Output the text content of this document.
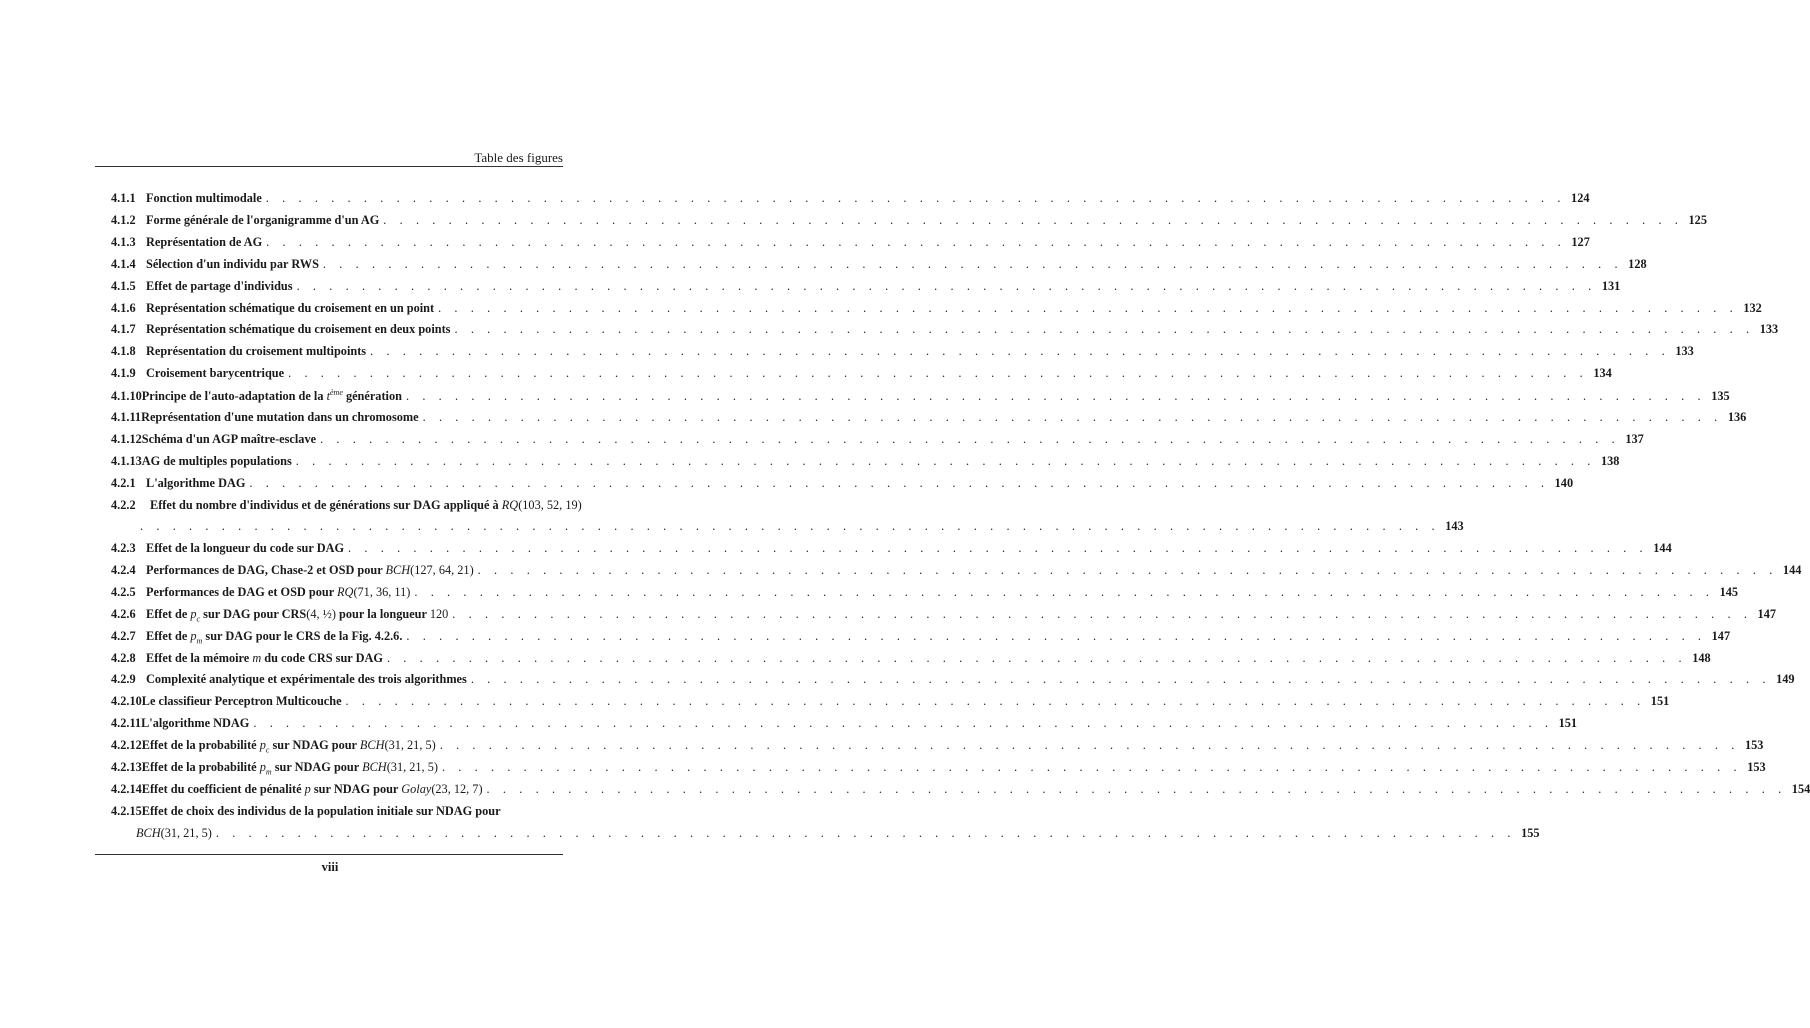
Table des figures
4.1.1 Fonction multimodale . . . . . . . . . . . . . . . . . . . . . . . . . . . . . . . . . . . . . . . . . . . . . . . . . . . . . . . . . . . . . . . . . . . . . . . . . . . . . . . . 124
4.1.2 Forme générale de l'organigramme d'un AG . . . . . . . . . . . . . . . . . . . . . . . . . . . . . . . . . . . . . . . . . . . . . . . . . . . . . . . . . . . . . . . . . . . . . . . . . . . . . . . . 125
4.1.3 Représentation de AG . . . . . . . . . . . . . . . . . . . . . . . . . . . . . . . . . . . . . . . . . . . . . . . . . . . . . . . . . . . . . . . . . . . . . . . . . . . . . . . . 127
4.1.4 Sélection d'un individu par RWS . . . . . . . . . . . . . . . . . . . . . . . . . . . . . . . . . . . . . . . . . . . . . . . . . . . . . . . . . . . . . . . . . . . . . . . . . . . . . . . . 128
4.1.5 Effet de partage d'individus . . . . . . . . . . . . . . . . . . . . . . . . . . . . . . . . . . . . . . . . . . . . . . . . . . . . . . . . . . . . . . . . . . . . . . . . . . . . . . . . 131
4.1.6 Représentation schématique du croisement en un point . . . . . . . . . . . . . . . . . . . . . . . . . . . . . . . . . . . . . . . . . . . . . . . . . . . . . . . . . . . . . . . . . . . . . . . . . . . . . . . . 132
4.1.7 Représentation schématique du croisement en deux points . . . . . . . . . . . . . . . . . . . . . . . . . . . . . . . . . . . . . . . . . . . . . . . . . . . . . . . . . . . . . . . . . . . . . . . . . . . . . . . . 133
4.1.8 Représentation du croisement multipoints . . . . . . . . . . . . . . . . . . . . . . . . . . . . . . . . . . . . . . . . . . . . . . . . . . . . . . . . . . . . . . . . . . . . . . . . . . . . . . . . 133
4.1.9 Croisement barycentrique . . . . . . . . . . . . . . . . . . . . . . . . . . . . . . . . . . . . . . . . . . . . . . . . . . . . . . . . . . . . . . . . . . . . . . . . . . . . . . . . 134
4.1.10 Principe de l'auto-adaptation de la $t^{ème}$ génération . . . . . . . . . . . . . . . . . . . . . . . . . . . . . . . . . . . . . . . . . . . . . . . . . . . . . . . . . . . . . . . . . . . . . . . . . . . . . . . . 135
4.1.11 Représentation d'une mutation dans un chromosome . . . . . . . . . . . . . . . . . . . . . . . . . . . . . . . . . . . . . . . . . . . . . . . . . . . . . . . . . . . . . . . . . . . . . . . . . . . . . . . . 136
4.1.12 Schéma d'un AGP maître-esclave . . . . . . . . . . . . . . . . . . . . . . . . . . . . . . . . . . . . . . . . . . . . . . . . . . . . . . . . . . . . . . . . . . . . . . . . . . . . . . . . 137
4.1.13 AG de multiples populations . . . . . . . . . . . . . . . . . . . . . . . . . . . . . . . . . . . . . . . . . . . . . . . . . . . . . . . . . . . . . . . . . . . . . . . . . . . . . . . . 138
4.2.1 L'algorithme DAG . . . . . . . . . . . . . . . . . . . . . . . . . . . . . . . . . . . . . . . . . . . . . . . . . . . . . . . . . . . . . . . . . . . . . . . . . . . . . . . . 140
4.2.2	Effet du nombre d'individus et de générations sur DAG appliqué à RQ(103, 52, 19)
. . . . . . . . . . . . . . . . . . . . . . . . . . . . . . . . . . . . . . . . . . . . . . . . . . . . . . . . . . . . . . . . . . . . . . . . . . . . . . . . 143
4.2.3 Effet de la longueur du code sur DAG . . . . . . . . . . . . . . . . . . . . . . . . . . . . . . . . . . . . . . . . . . . . . . . . . . . . . . . . . . . . . . . . . . . . . . . . . . . . . . . . 144
4.2.4 Performances de DAG, Chase-2 et OSD pour BCH(127, 64, 21) . . . . . . . . . . . . . . . . . . . . . . . . . . . . . . . . . . . . . . . . . . . . . . . . . . . . . . . . . . . . . . . . . . . . . . . . . . . . . . . . 144
4.2.5 Performances de DAG et OSD pour RQ(71, 36, 11) . . . . . . . . . . . . . . . . . . . . . . . . . . . . . . . . . . . . . . . . . . . . . . . . . . . . . . . . . . . . . . . . . . . . . . . . . . . . . . . . 145
4.2.6 Effet de $p_c$ sur DAG pour CRS(4, ½) pour la longueur 120 . . . . . . . . . . . . . . . . . . . . . . . . . . . . . . . . . . . . . . . . . . . . . . . . . . . . . . . . . . . . . . . . . . . . . . . . . . . . . . . . 147
4.2.7 Effet de $p_m$ sur DAG pour le CRS de la Fig. 4.2.6. . . . . . . . . . . . . . . . . . . . . . . . . . . . . . . . . . . . . . . . . . . . . . . . . . . . . . . . . . . . . . . . . . . . . . . . . . . . . . . . . 147
4.2.8 Effet de la mémoire m du code CRS sur DAG . . . . . . . . . . . . . . . . . . . . . . . . . . . . . . . . . . . . . . . . . . . . . . . . . . . . . . . . . . . . . . . . . . . . . . . . . . . . . . . . 148
4.2.9 Complexité analytique et expérimentale des trois algorithmes . . . . . . . . . . . . . . . . . . . . . . . . . . . . . . . . . . . . . . . . . . . . . . . . . . . . . . . . . . . . . . . . . . . . . . . . . . . . . . . . 149
4.2.10 Le classifieur Perceptron Multicouche . . . . . . . . . . . . . . . . . . . . . . . . . . . . . . . . . . . . . . . . . . . . . . . . . . . . . . . . . . . . . . . . . . . . . . . . . . . . . . . . 151
4.2.11 L'algorithme NDAG . . . . . . . . . . . . . . . . . . . . . . . . . . . . . . . . . . . . . . . . . . . . . . . . . . . . . . . . . . . . . . . . . . . . . . . . . . . . . . . . 151
4.2.12 Effet de la probabilité $p_c$ sur NDAG pour BCH(31, 21, 5) . . . . . . . . . . . . . . . . . . . . . . . . . . . . . . . . . . . . . . . . . . . . . . . . . . . . . . . . . . . . . . . . . . . . . . . . . . . . . . . . 153
4.2.13 Effet de la probabilité $p_m$ sur NDAG pour BCH(31, 21, 5) . . . . . . . . . . . . . . . . . . . . . . . . . . . . . . . . . . . . . . . . . . . . . . . . . . . . . . . . . . . . . . . . . . . . . . . . . . . . . . . . 153
4.2.14 Effet du coefficient de pénalité p sur NDAG pour Golay(23, 12, 7) . . . . . . . . . . . . . . . . . . . . . . . . . . . . . . . . . . . . . . . . . . . . . . . . . . . . . . . . . . . . . . . . . . . . . . . . . . . . . . . . 154
4.2.15 Effet de choix des individus de la population initiale sur NDAG pour
BCH(31, 21, 5) . . . . . . . . . . . . . . . . . . . . . . . . . . . . . . . . . . . . . . . . . . . . . . . . . . . . . . . . . . . . . . . . . . . . . . . . . . . . . . . . 155
viii
